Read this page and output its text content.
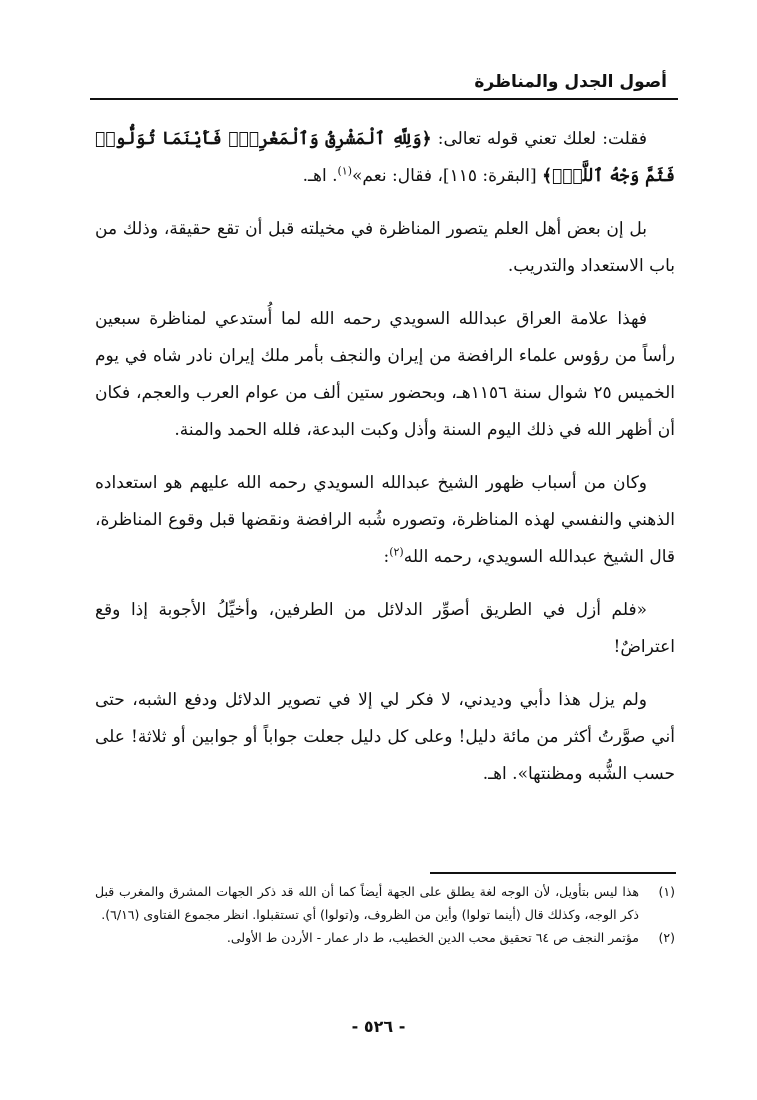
أصول الجدل والمناظرة

فقلت: لعلك تعني قوله تعالى: ﴿وَلِلَّهِ ٱلْمَشْرِقُ وَٱلْمَغْرِبُۚ فَأَيْنَمَا تُوَلُّوا۟ فَثَمَّ وَجْهُ ٱللَّهِۚ﴾ [البقرة: ١١٥]، فقال: نعم»$^{(١)}$. اهـ.

بل إن بعض أهل العلم يتصور المناظرة في مخيلته قبل أن تقع حقيقة، وذلك من باب الاستعداد والتدريب.

فهذا علامة العراق عبدالله السويدي رحمه الله لما أُستدعي لمناظرة سبعين رأساً من رؤوس علماء الرافضة من إيران والنجف بأمر ملك إيران نادر شاه في يوم الخميس ٢٥ شوال سنة ١١٥٦هـ، وبحضور ستين ألف من عوام العرب والعجم، فكان أن أظهر الله في ذلك اليوم السنة وأذل وكبت البدعة، فلله الحمد والمنة.

وكان من أسباب ظهور الشيخ عبدالله السويدي رحمه الله عليهم هو استعداده الذهني والنفسي لهذه المناظرة، وتصوره شُبه الرافضة ونقضها قبل وقوع المناظرة، قال الشيخ عبدالله السويدي، رحمه الله$^{(٢)}$:

«فلم أزل في الطريق أصوِّر الدلائل من الطرفين، وأخيِّلُ الأجوبة إذا وقع اعتراضٌ!

ولم يزل هذا دأبي وديدني، لا فكر لي إلا في تصوير الدلائل ودفع الشبه، حتى أني صوَّرتُ أكثر من مائة دليل! وعلى كل دليل جعلت جواباً أو جوابين أو ثلاثة! على حسب الشُّبه ومظنتها». اهـ.

(١)
هذا ليس بتأويل، لأن الوجه لغة يطلق على الجهة أيضاً كما أن الله قد ذكر الجهات المشرق والمغرب قبل ذكر الوجه، وكذلك قال (أينما تولوا) وأين من الظروف، و(تولوا) أي تستقبلوا. انظر مجموع الفتاوى (٦/١٦).
(٢)
مؤتمر النجف ص ٦٤ تحقيق محب الدين الخطيب، ط دار عمار - الأردن ط الأولى.
- ٥٢٦ -
